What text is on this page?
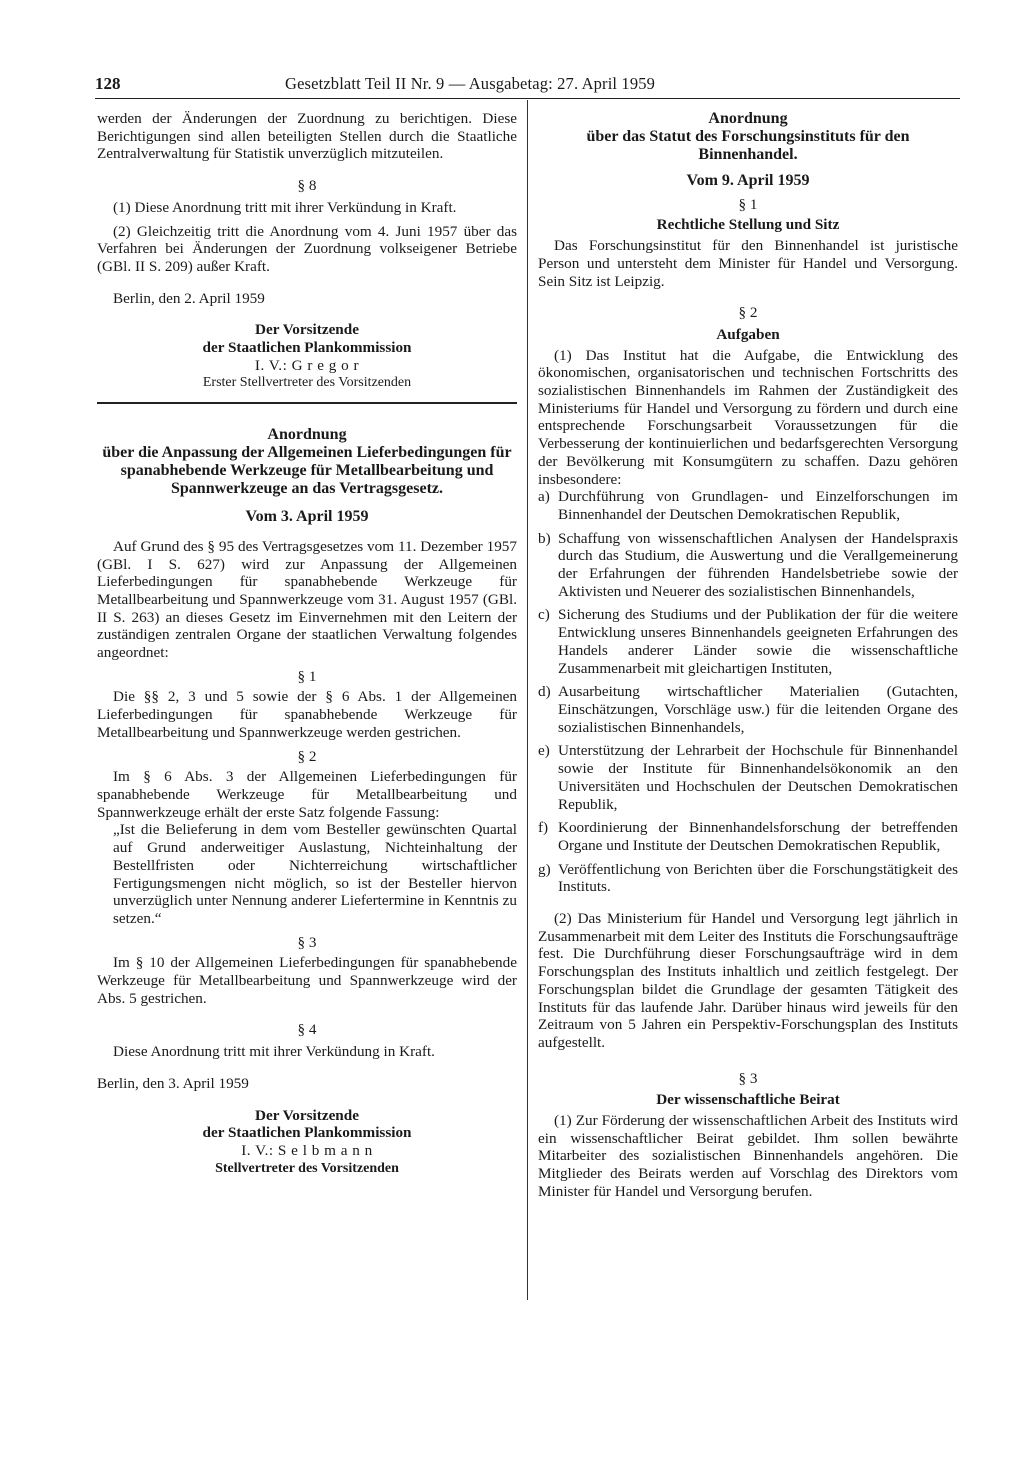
128	Gesetzblatt Teil II Nr. 9 — Ausgabetag: 27. April 1959

werden der Änderungen der Zuordnung zu berichtigen. Diese Berichtigungen sind allen beteiligten Stellen durch die Staatliche Zentralverwaltung für Statistik unverzüglich mitzuteilen.

§ 8

(1) Diese Anordnung tritt mit ihrer Verkündung in Kraft.

(2) Gleichzeitig tritt die Anordnung vom 4. Juni 1957 über das Verfahren bei Änderungen der Zuordnung volkseigener Betriebe (GBl. II S. 209) außer Kraft.

Berlin, den 2. April 1959

Der Vorsitzende
der Staatlichen Plankommission
I. V.: G r e g o r
Erster Stellvertreter des Vorsitzenden
Anordnung
über die Anpassung der Allgemeinen Lieferbedingungen für spanabhebende Werkzeuge für Metallbearbeitung und Spannwerkzeuge an das Vertragsgesetz.
Vom 3. April 1959

Auf Grund des § 95 des Vertragsgesetzes vom 11. Dezember 1957 (GBl. I S. 627) wird zur Anpassung der Allgemeinen Lieferbedingungen für spanabhebende Werkzeuge für Metallbearbeitung und Spannwerkzeuge vom 31. August 1957 (GBl. II S. 263) an dieses Gesetz im Einvernehmen mit den Leitern der zuständigen zentralen Organe der staatlichen Verwaltung folgendes angeordnet:

§ 1

Die §§ 2, 3 und 5 sowie der § 6 Abs. 1 der Allgemeinen Lieferbedingungen für spanabhebende Werkzeuge für Metallbearbeitung und Spannwerkzeuge werden gestrichen.

§ 2

Im § 6 Abs. 3 der Allgemeinen Lieferbedingungen für spanabhebende Werkzeuge für Metallbearbeitung und Spannwerkzeuge erhält der erste Satz folgende Fassung:

„Ist die Belieferung in dem vom Besteller gewünschten Quartal auf Grund anderweitiger Auslastung, Nichteinhaltung der Bestellfristen oder Nichterreichung wirtschaftlicher Fertigungsmengen nicht möglich, so ist der Besteller hiervon unverzüglich unter Nennung anderer Liefertermine in Kenntnis zu setzen.“

§ 3

Im § 10 der Allgemeinen Lieferbedingungen für spanabhebende Werkzeuge für Metallbearbeitung und Spannwerkzeuge wird der Abs. 5 gestrichen.

§ 4

Diese Anordnung tritt mit ihrer Verkündung in Kraft.

Berlin, den 3. April 1959

Der Vorsitzende
der Staatlichen Plankommission
I. V.: S e l b m a n n
Stellvertreter des Vorsitzenden
Anordnung
über das Statut des Forschungsinstituts für den Binnenhandel.
Vom 9. April 1959
§ 1
Rechtliche Stellung und Sitz

Das Forschungsinstitut für den Binnenhandel ist juristische Person und untersteht dem Minister für Handel und Versorgung. Sein Sitz ist Leipzig.

§ 2
Aufgaben

(1) Das Institut hat die Aufgabe, die Entwicklung des ökonomischen, organisatorischen und technischen Fortschritts des sozialistischen Binnenhandels im Rahmen der Zuständigkeit des Ministeriums für Handel und Versorgung zu fördern und durch eine entsprechende Forschungsarbeit Voraussetzungen für die Verbesserung der kontinuierlichen und bedarfsgerechten Versorgung der Bevölkerung mit Konsumgütern zu schaffen. Dazu gehören insbesondere:

a) Durchführung von Grundlagen- und Einzelforschungen im Binnenhandel der Deutschen Demokratischen Republik,
b) Schaffung von wissenschaftlichen Analysen der Handelspraxis durch das Studium, die Auswertung und die Verallgemeinerung der Erfahrungen der führenden Handelsbetriebe sowie der Aktivisten und Neuerer des sozialistischen Binnenhandels,
c) Sicherung des Studiums und der Publikation der für die weitere Entwicklung unseres Binnenhandels geeigneten Erfahrungen des Handels anderer Länder sowie die wissenschaftliche Zusammenarbeit mit gleichartigen Instituten,
d) Ausarbeitung wirtschaftlicher Materialien (Gutachten, Einschätzungen, Vorschläge usw.) für die leitenden Organe des sozialistischen Binnenhandels,
e) Unterstützung der Lehrarbeit der Hochschule für Binnenhandel sowie der Institute für Binnenhandelsökonomik an den Universitäten und Hochschulen der Deutschen Demokratischen Republik,
f) Koordinierung der Binnenhandelsforschung der betreffenden Organe und Institute der Deutschen Demokratischen Republik,
g) Veröffentlichung von Berichten über die Forschungstätigkeit des Instituts.

(2) Das Ministerium für Handel und Versorgung legt jährlich in Zusammenarbeit mit dem Leiter des Instituts die Forschungsaufträge fest. Die Durchführung dieser Forschungsaufträge wird in dem Forschungsplan des Instituts inhaltlich und zeitlich festgelegt. Der Forschungsplan bildet die Grundlage der gesamten Tätigkeit des Instituts für das laufende Jahr. Darüber hinaus wird jeweils für den Zeitraum von 5 Jahren ein Perspektiv-Forschungsplan des Instituts aufgestellt.

§ 3
Der wissenschaftliche Beirat

(1) Zur Förderung der wissenschaftlichen Arbeit des Instituts wird ein wissenschaftlicher Beirat gebildet. Ihm sollen bewährte Mitarbeiter des sozialistischen Binnenhandels angehören. Die Mitglieder des Beirats werden auf Vorschlag des Direktors vom Minister für Handel und Versorgung berufen.
